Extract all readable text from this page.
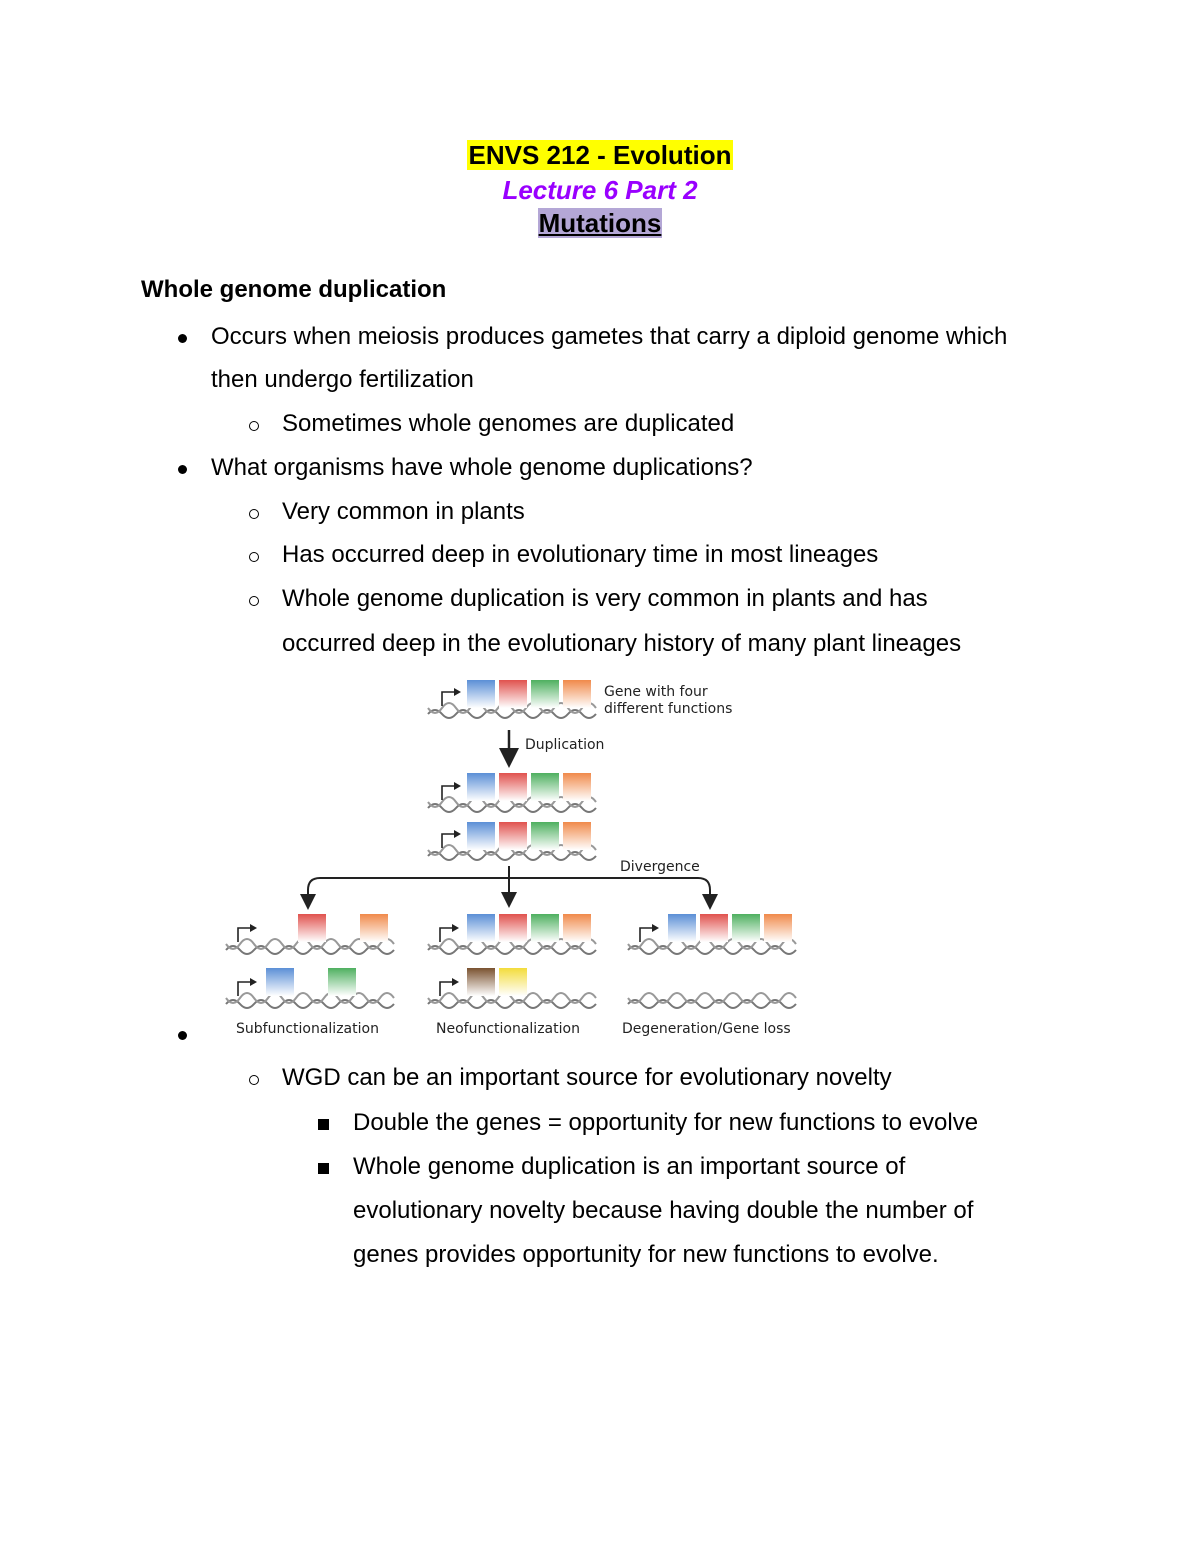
ENVS 212 - Evolution
Lecture 6 Part 2
Mutations
Whole genome duplication
Occurs when meiosis produces gametes that carry a diploid genome which
then undergo fertilization
Sometimes whole genomes are duplicated
What organisms have whole genome duplications?
Very common in plants
Has occurred deep in evolutionary time in most lineages
Whole genome duplication is very common in plants and has
occurred deep in the evolutionary history of many plant lineages
Gene with four
different functions
Duplication
Divergence
Subfunctionalization	Neofunctionalization	Degeneration/Gene loss
WGD can be an important source for evolutionary novelty
Double the genes = opportunity for new functions to evolve
Whole genome duplication is an important source of
evolutionary novelty because having double the number of
genes provides opportunity for new functions to evolve.
